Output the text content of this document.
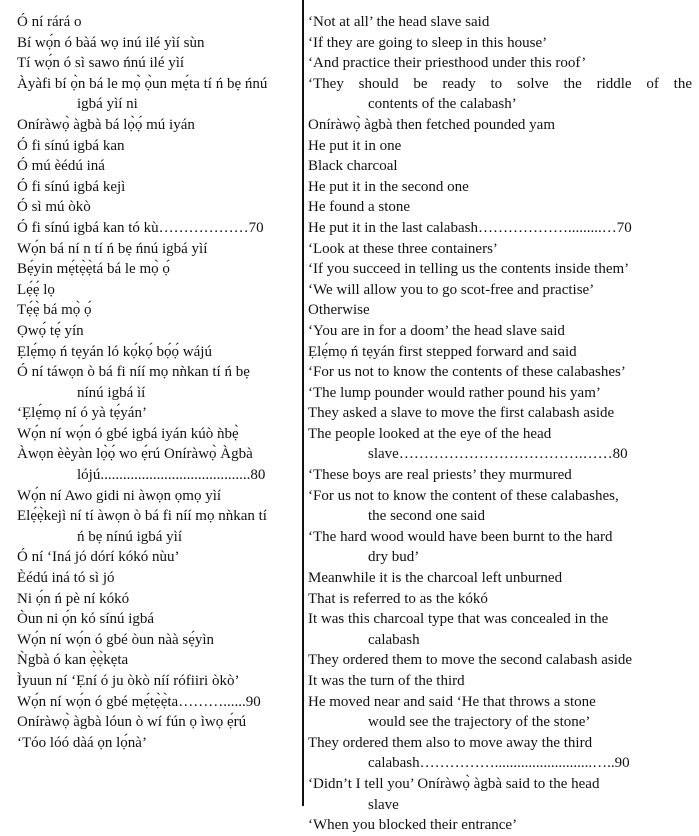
Ó ní rárá o
Bí wọ́n ó bàá wọ inú ilé yìí sùn
Tí wọ́n ó sì sawo ńnú ilé yìí
Àyàfi bí ọ̀n bá le mọ̀ ọ̀un mẹ́ta tí ń bẹ ńnú
igbá yìí ni
Oníràwọ̀ àgbà bá lọ̀ọ́ mú iyán
Ó fi sínú igbá kan
Ó mú èédú iná
Ó fi sínú igbá kejì
Ó sì mú òkò
Ó fi sínú igbá kan tó kù………………70
Wọ́n bá ní n tí ń bẹ ńnú igbá yìí
Bẹ́yin mẹ́tẹ̀ẹ̀tá bá le mọ̀ ọ́
Lẹ́ẹ́ lọ
Tẹ́ẹ̀ bá mọ̀ ọ́
Ọwọ́ tẹ́ yín
Ẹlẹ́mọ ń tẹyán ló kọ́kọ́ bọ́ọ́ wájú
Ó ní táwọn ò bá fi níí mọ nǹkan tí ń bẹ
nínú igbá ìí
‘Ẹlẹ́mọ ní ó yà tẹ́yán’
Wọ́n ní wọ́n ó gbé igbá iyán kúò ǹbẹ̀
Àwọn èèyàn lọ̀ọ́ wo ẹ́rú Oníràwọ̀ Àgbà
lójú........................................80
Wọ́n ní Awo gidi ni àwọn ọmọ yìí
Elẹ́ẹ̀kejì ní tí àwọn ò bá fi níí mọ nǹkan tí
ń bẹ nínú igbá yìí
Ó ní ‘Iná jó dórí kókó nùu’
Èédú iná tó sì jó
Ni ọ́n ń pè ní kókó
Òun ni ọ́n kó sínú igbá
Wọ́n ní wọ́n ó gbé òun nàà sẹ́yìn
Ǹgbà ó kan ẹ̀ẹ̀kẹta
Ìyuun ní ‘Ẹní ó ju òkò níí rófiiri òkò’
Wọ́n ní wọ́n ó gbé mẹ́tẹ̀ẹ̀ta………......90
Oníràwọ̀ àgbà lóun ò wí fún ọ ìwọ ẹ́rú
‘Tóo lóó dàá ọn lọ́nà’
‘Not at all’ the head slave said
‘If they are going to sleep in this house’
‘And practice their priesthood under this roof’
‘They should be ready to solve the riddle of the
contents of the calabash’
Oníràwọ̀ àgbà then fetched pounded yam
He put it in one
Black charcoal
He put it in the second one
He found a stone
He put it in the last calabash……………….........…70
‘Look at these three containers’
‘If you succeed in telling us the contents inside them’
‘We will allow you to go scot-free and practise’
Otherwise
‘You are in for a doom’ the head slave said
Ẹlẹ́mọ ń tẹyán first stepped forward and said
‘For us not to know the contents of these calabashes’
‘The lump pounder would rather pound his yam’
They asked a slave to move the first calabash aside
The people looked at the eye of the head
slave……………………………….……80
‘These boys are real priests’ they murmured
‘For us not to know the content of these calabashes,
the second one said
‘The hard wood would have been burnt to the hard
dry bud’
Meanwhile it is the charcoal left unburned
That is referred to as the kókó
It was this charcoal type that was concealed in the
calabash
They ordered them to move the second calabash aside
It was the turn of the third
He moved near and said ‘He that throws a stone
would see the trajectory of the stone’
They ordered them also to move away the third
calabash……………..........................…..90
‘Didn’t I tell you’ Oníràwọ̀ àgbà said to the head
slave
‘When you blocked their entrance’
